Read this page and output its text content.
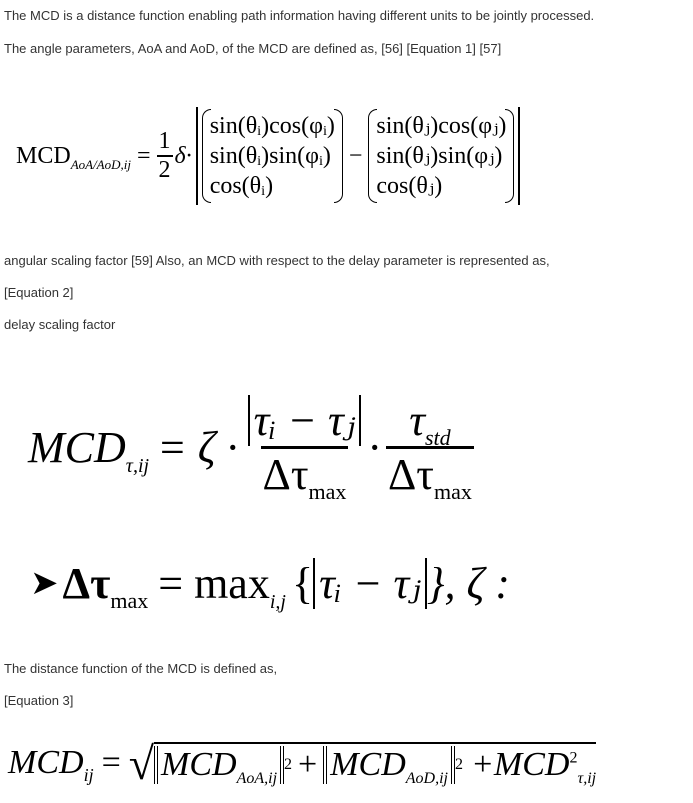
The MCD is a distance function enabling path information having different units to be jointly processed.
The angle parameters, AoA and AoD, of the MCD are defined as, [56] [Equation 1] [57]
$MCD_{AoA/AoD,ij} = \frac{1}{2} \delta\cdot$
sin(θᵢ)cos(φᵢ)
sin(θᵢ)sin(φᵢ)
cos(θᵢ)
−
sin(θⱼ)cos(φⱼ)
sin(θⱼ)sin(φⱼ)
cos(θⱼ)
angular scaling factor [59] Also, an MCD with respect to the delay parameter is represented as,
[Equation 2]
delay scaling factor
$MCD_{\tau,ij} = \zeta \cdot \frac{\text{τᵢ − τⱼ}}{\Delta\tau_{max}} \cdot \frac{\tau_{std}}{\Delta\tau_{max}}$
➤ $\Delta\tau_{max} = \max_{i,j}$ { τᵢ − τⱼ }, ζ :
The distance function of the MCD is defined as,
[Equation 3]
$MCD_{ij}$ = √ $MCD_{AoA,ij}$
$2 + MCD_{AoD,ij}$
$2 +MCD^2_{\tau,ij}$
